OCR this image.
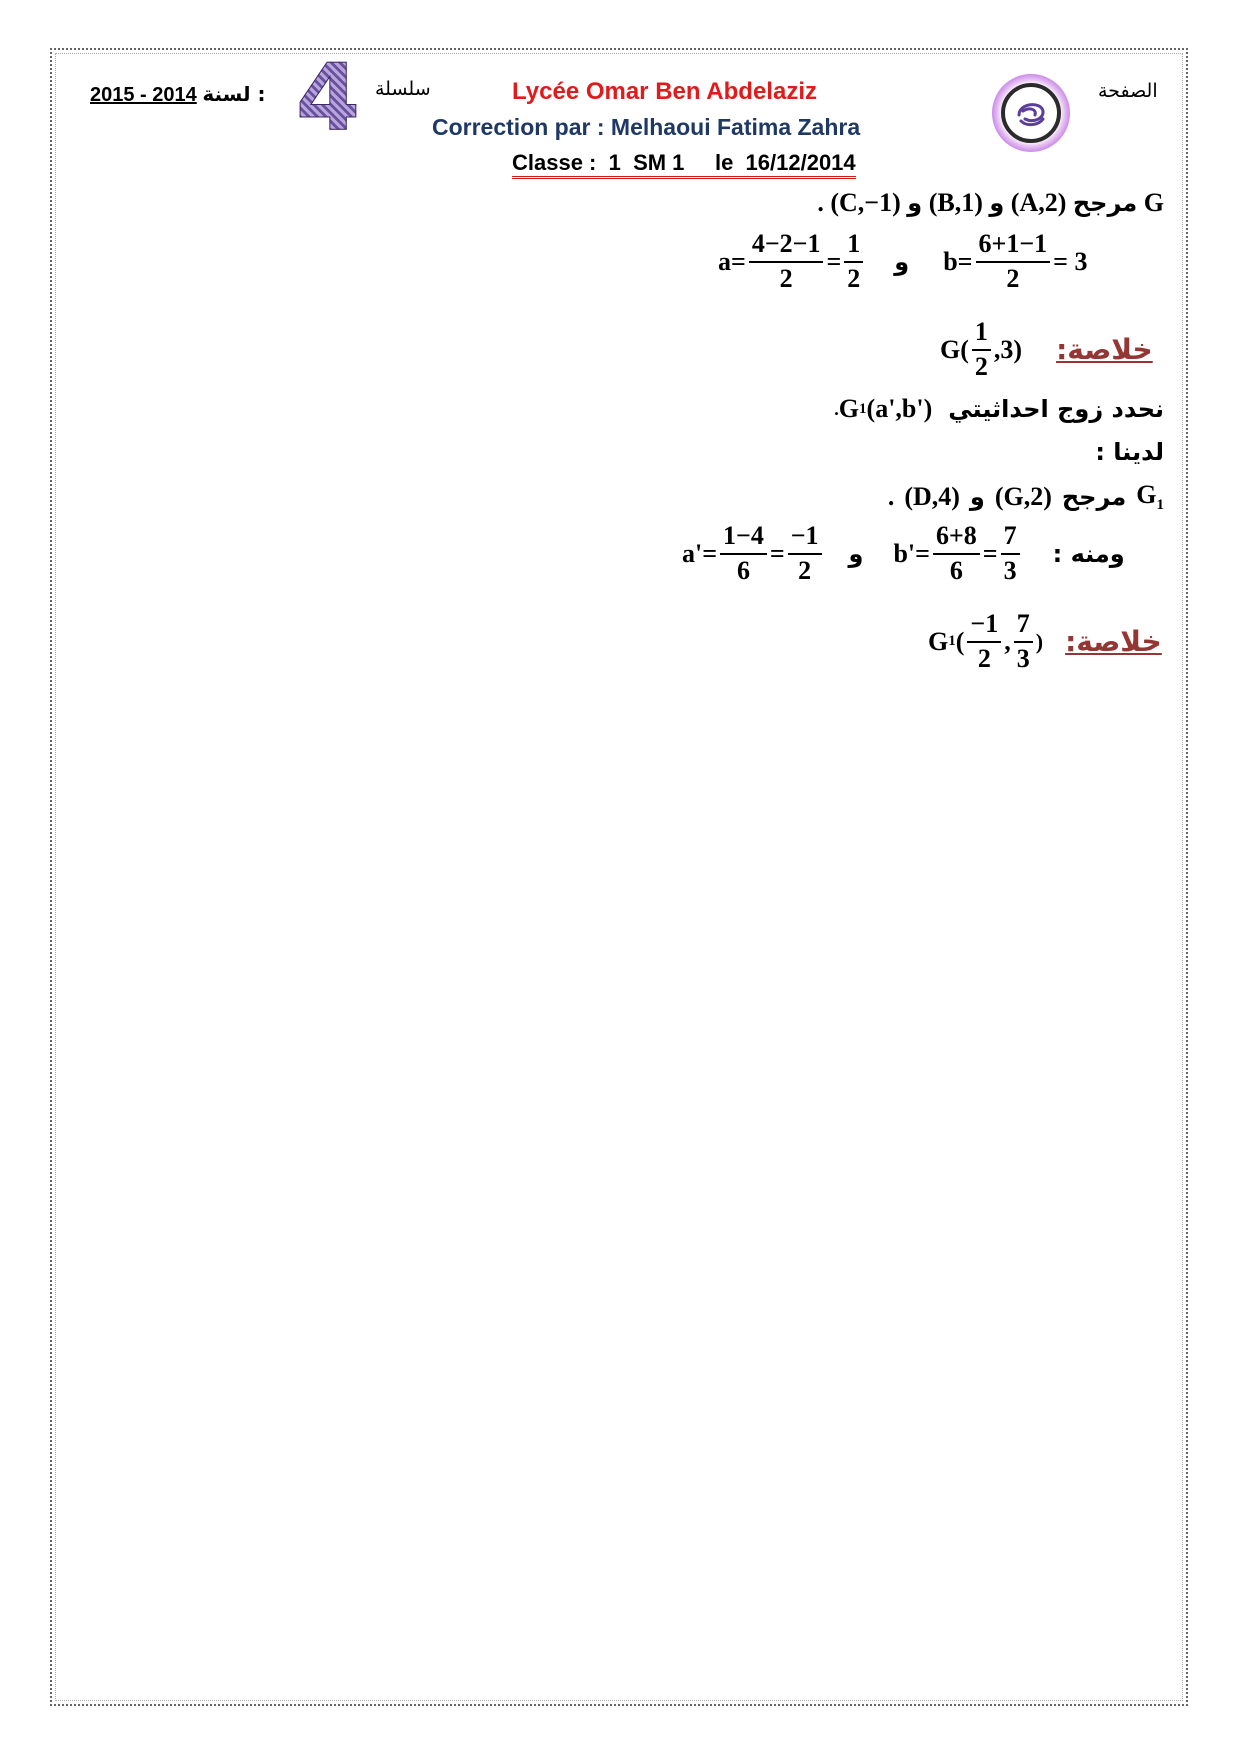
2015 - 2014 لسنة : 4 سلسلة	Lycée Omar Ben Abdelaziz
Correction par : Melhaoui Fatima Zahra
Classe :  1  SM 1     le  16/12/2014
الصفحة
. (C,−1) و (B,1) و (A,2) مرجح G
$a= \frac{4-2-1}{2} = \frac{1}{2}$ و $b= \frac{6+1-1}{2} = 3$
$G( \frac{1}{2} ,3)$ خلاصة:
. G 1 (a',b') نحدد زوج احداثيتي
لدينا :
. (D,4) و (G,2) مرجح $G_1$
$a'= \frac{1-4}{6} = \frac{-1}{2}$ و $b'= \frac{6+8}{6} = \frac{7}{3}$ ومنه :
G 1 ( $\frac{-1}{2}$ , $\frac{7}{3}$ ) خلاصة:
